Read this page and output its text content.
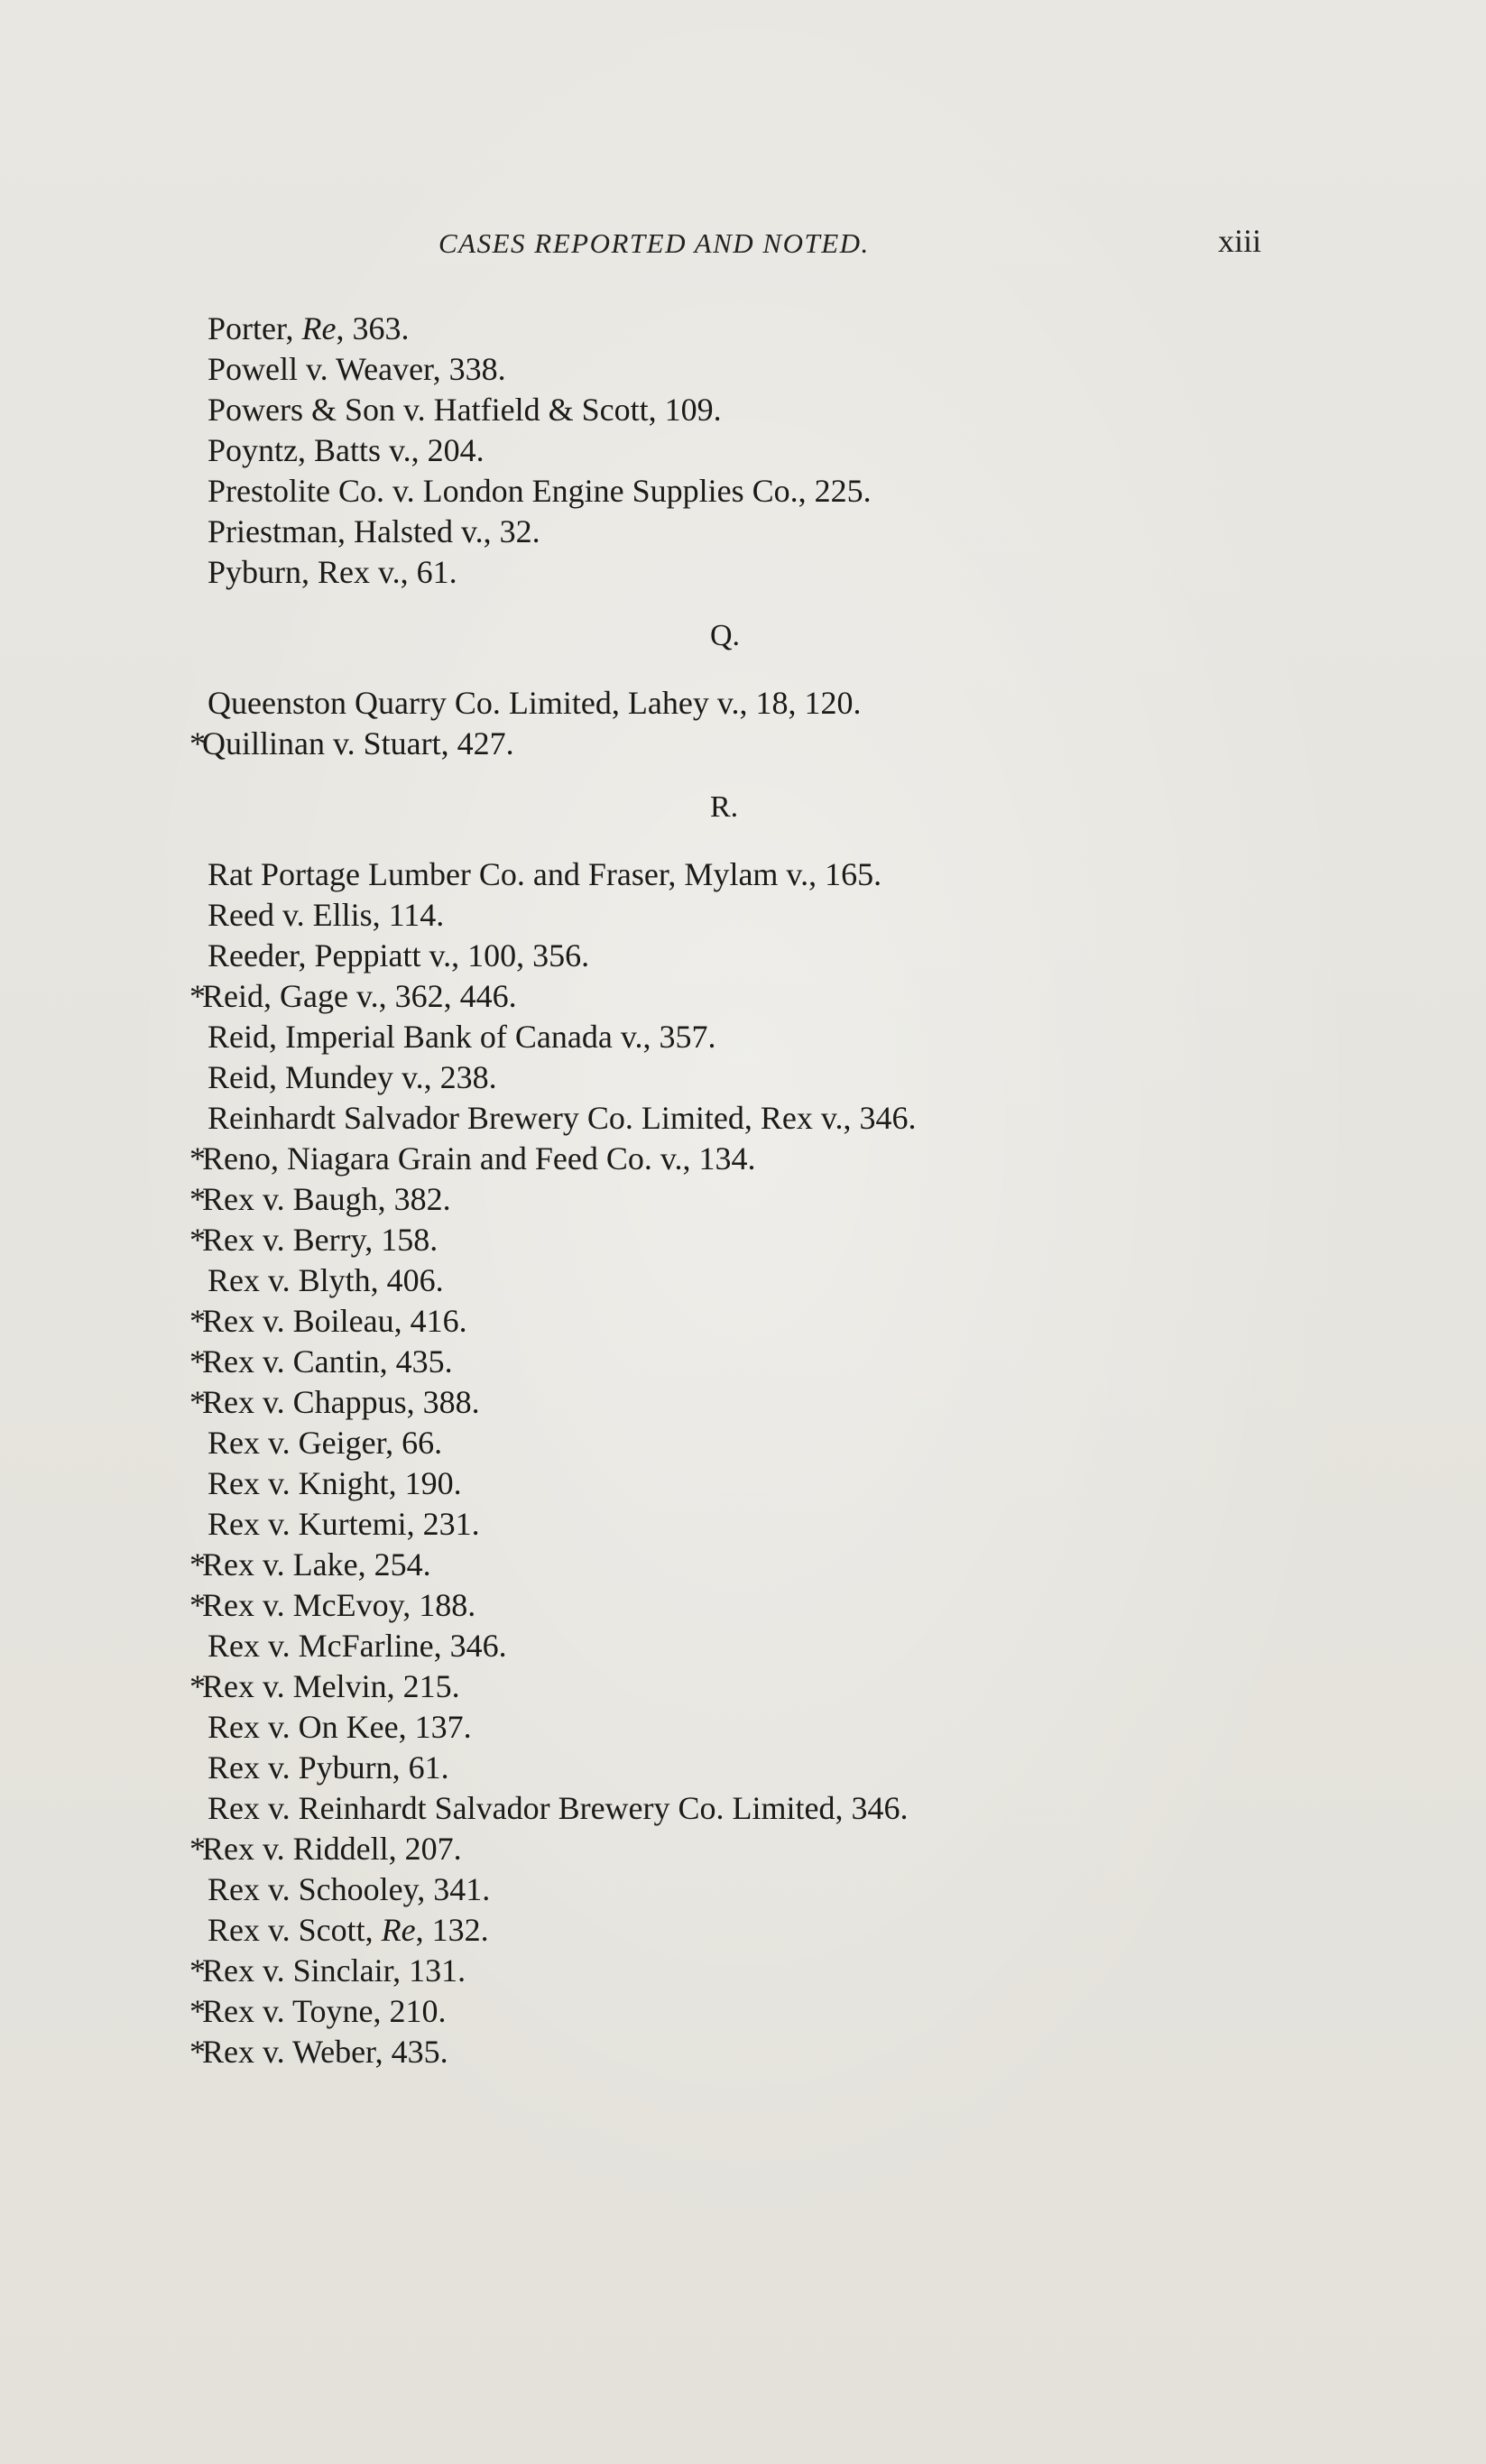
CASES REPORTED AND NOTED.	xiii
Porter, Re, 363.
Powell v. Weaver, 338.
Powers & Son v. Hatfield & Scott, 109.
Poyntz, Batts v., 204.
Prestolite Co. v. London Engine Supplies Co., 225.
Priestman, Halsted v., 32.
Pyburn, Rex v., 61.
Q.
Queenston Quarry Co. Limited, Lahey v., 18, 120.
*Quillinan v. Stuart, 427.
R.
Rat Portage Lumber Co. and Fraser, Mylam v., 165.
Reed v. Ellis, 114.
Reeder, Peppiatt v., 100, 356.
*Reid, Gage v., 362, 446.
Reid, Imperial Bank of Canada v., 357.
Reid, Mundey v., 238.
Reinhardt Salvador Brewery Co. Limited, Rex v., 346.
*Reno, Niagara Grain and Feed Co. v., 134.
*Rex v. Baugh, 382.
*Rex v. Berry, 158.
Rex v. Blyth, 406.
*Rex v. Boileau, 416.
*Rex v. Cantin, 435.
*Rex v. Chappus, 388.
Rex v. Geiger, 66.
Rex v. Knight, 190.
Rex v. Kurtemi, 231.
*Rex v. Lake, 254.
*Rex v. McEvoy, 188.
Rex v. McFarline, 346.
*Rex v. Melvin, 215.
Rex v. On Kee, 137.
Rex v. Pyburn, 61.
Rex v. Reinhardt Salvador Brewery Co. Limited, 346.
*Rex v. Riddell, 207.
Rex v. Schooley, 341.
Rex v. Scott, Re, 132.
*Rex v. Sinclair, 131.
*Rex v. Toyne, 210.
*Rex v. Weber, 435.
